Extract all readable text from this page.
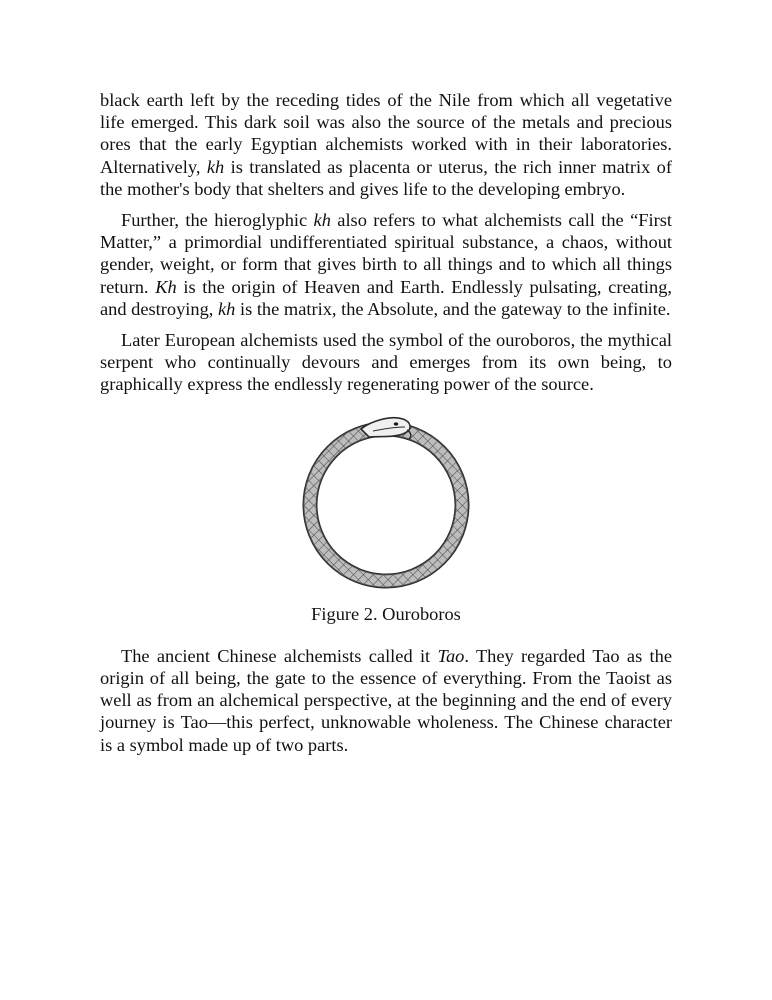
black earth left by the receding tides of the Nile from which all vegetative life emerged. This dark soil was also the source of the metals and precious ores that the early Egyptian alchemists worked with in their laboratories. Alternatively, kh is translated as placenta or uterus, the rich inner matrix of the mother's body that shelters and gives life to the developing embryo.

Further, the hieroglyphic kh also refers to what alchemists call the “First Matter,” a primordial undifferentiated spiritual substance, a chaos, without gender, weight, or form that gives birth to all things and to which all things return. Kh is the origin of Heaven and Earth. Endlessly pulsating, creating, and destroying, kh is the matrix, the Absolute, and the gateway to the infinite.

Later European alchemists used the symbol of the ouroboros, the mythical serpent who continually devours and emerges from its own being, to graphically express the endlessly regenerating power of the source.

Figure 2. Ouroboros

The ancient Chinese alchemists called it Tao. They regarded Tao as the origin of all being, the gate to the essence of everything. From the Taoist as well as from an alchemical perspective, at the beginning and the end of every journey is Tao—this perfect, unknowable wholeness. The Chinese character is a symbol made up of two parts.
